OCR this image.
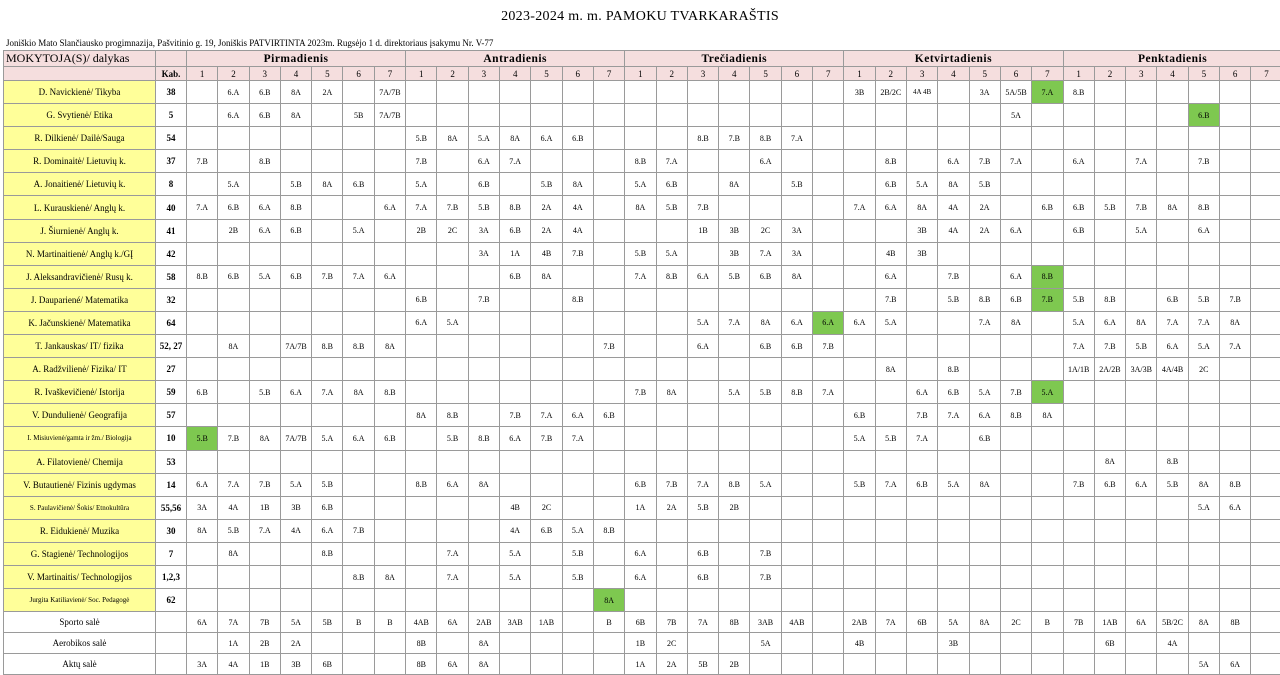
2023-2024 m. m. PAMOKU TVARKARAŠTIS
Joniškio Mato Slančiausko progimnazija, Pašvitinio g. 19, Joniškis PATVIRTINTA 2023m. Rugsėjo 1 d. direktoriaus įsakymu Nr. V-77
MOKYTOJA(S)/ dalykas		Pirmadienis							Antradienis							Trečiadienis							Ketvirtadienis							Penktadienis						
	Kab.	1	2	3	4	5	6	7	1	2	3	4	5	6	7	1	2	3	4	5	6	7	1	2	3	4	5	6	7	1	2	3	4	5	6	7
D. Navickienė/ Tikyba	38		6.A	6.B	8A	2A		7A/7B															3B	2B/2C	4A 4B		3A	5A/5B	7.A	8.B						
G. Svytienė/ Etika	5		6.A	6.B	8A		5B	7A/7B																				5A						6.B		
R. Dilkienė/ Dailė/Sauga	54								5.B	8A	5.A	8A	6.A	6.B				8.B	7.B	8.B	7.A															
R. Dominaitė/ Lietuvių k.	37	7.B		8.B					7.B		6.A	7.A				8.B	7.A			6.A				8.B		6.A	7.B	7.A		6.A		7.A		7.B		
A. Jonaitienė/ Lietuvių k.	8		5.A		5.B	8A	6.B		5.A		6.B		5.B	8A		5.A	6.B		8A		5.B			6.B	5.A	8A	5.B									
L. Kurauskienė/ Anglų k.	40	7.A	6.B	6.A	8.B			6.A	7.A	7.B	5.B	8.B	2A	4A		8A	5.B	7.B					7.A	6.A	8A	4A	2A		6.B	6.B	5.B	7.B	8A	8.B		
J. Šiurnienė/ Anglų k.	41		2B	6.A	6.B		5.A		2B	2C	3A	6.B	2A	4A				1B	3B	2C	3A				3B	4A	2A	6.A		6.B		5.A		6.A		
N. Martinaitienė/ Anglų k./GĮ	42										3A	1A	4B	7.B		5.B	5.A		3B	7.A	3A			4B	3B											
J. Aleksandravičienė/ Rusų k.	58	8.B	6.B	5.A	6.B	7.B	7.A	6.A				6.B	8A			7.A	8.B	6.A	5.B	6.B	8A			6.A		7.B		6.A	8.B							
J. Daupariené/ Matematika	32								6.B		7.B			8.B										7.B		5.B	8.B	6.B	7.B	5.B	8.B		6.B	5.B	7.B	
K. Jačunskienė/ Matematika	64								6.A	5.A								5.A	7.A	8A	6.A	6.A	6.A	5.A			7.A	8A		5.A	6.A	8A	7.A	7.A	8A	
T. Jankauskas/ IT/ fizika	52, 27		8A		7A/7B	8.B	8.B	8A							7.B			6.A		6.B	6.B	7.B								7.A	7.B	5.B	6.A	5.A	7.A	
A. Radžvilienė/ Fizika/ IT	27																							8A		8.B				1A/1B	2A/2B	3A/3B	4A/4B	2C		
R. Ivaškevičienė/ Istorija	59	6.B		5.B	6.A	7.A	8A	8.B								7.B	8A		5.A	5.B	8.B	7.A			6.A	6.B	5.A	7.B	5.A							
V. Dundulienė/ Geografija	57								8A	8.B		7.B	7.A	6.A	6.B								6.B		7.B	7.A	6.A	8.B	8A							
I. Misiuvienė/gamta ir žm./ Biologija	10	5.B	7.B	8A	7A/7B	5.A	6.A	6.B		5.B	8.B	6.A	7.B	7.A									5.A	5.B	7.A		6.B									
A. Filatovienė/ Chemija	53																														8A		8.B			
V. Butautienė/ Fizinis ugdymas	14	6.A	7.A	7.B	5.A	5.B			8.B	6.A	8A					6.B	7.B	7.A	8.B	5.A			5.B	7.A	6.B	5.A	8A			7.B	6.B	6.A	5.B	8A	8.B	
S. Paulavičienė/ Šokis/ Etnokultūra	55,56	3A	4A	1B	3B	6.B						4B	2C			1A	2A	5.B	2B															5.A	6.A	
R. Eidukienė/ Muzika	30	8A	5.B	7.A	4A	6.A	7.B					4A	6.B	5.A	8.B																					
G. Stagienė/ Technologijos	7		8A			8.B				7.A		5.A		5.B		6.A		6.B		7.B																
V. Martinaitis/ Technologijos	1,2,3						8.B	8A		7.A		5.A		5.B		6.A		6.B		7.B																
Jurgita Katiliavienė/ Soc. Pedagogė	62														8A																					
Sporto salė		6A	7A	7B	5A	5B	B	B	4AB	6A	2AB	3AB	1AB		B	6B	7B	7A	8B	3AB	4AB		2AB	7A	6B	5A	8A	2C	B	7B	1AB	6A	5B/2C	8A	8B	
Aerobikos salė			1A	2B	2A				8B		8A					1B	2C			5A			4B			3B					6B		4A			
Aktų salė		3A	4A	1B	3B	6B			8B	6A	8A					1A	2A	5B	2B															5A	6A	
